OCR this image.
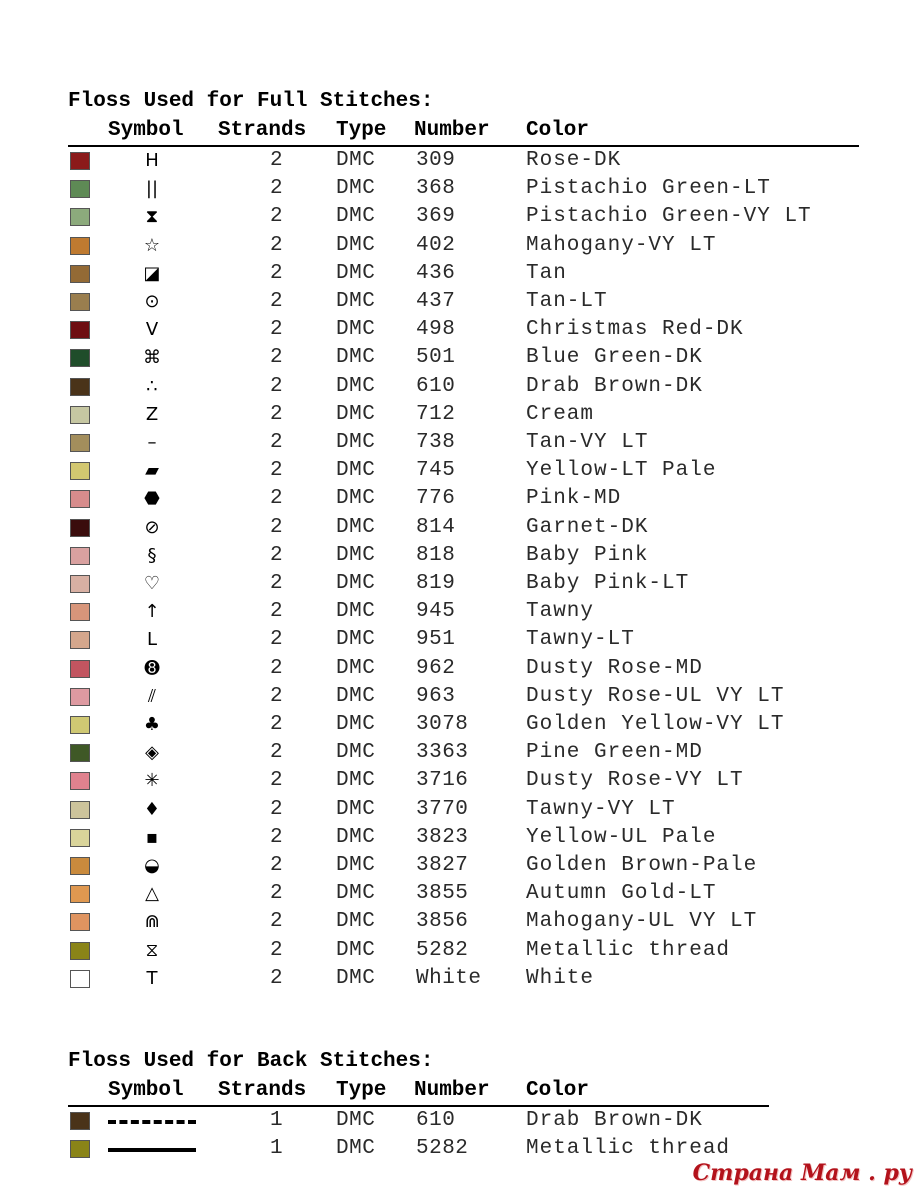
Floss Used for Full Stitches:
Symbol Strands Type Number Color
H	2	DMC 309	Rose-DK
||	2	DMC 368	Pistachio Green-LT
⧗	2	DMC 369	Pistachio Green-VY LT
☆	2	DMC 402	Mahogany-VY LT
◪	2	DMC 436	Tan
⊙	2	DMC 437	Tan-LT
V	2	DMC 498	Christmas Red-DK
⌘	2	DMC 501	Blue Green-DK
∴	2	DMC 610	Drab Brown-DK
Z	2	DMC 712	Cream
–	2	DMC 738	Tan-VY LT
▰	2	DMC 745	Yellow-LT Pale
⬣	2	DMC 776	Pink-MD
⊘	2	DMC 814	Garnet-DK
§	2	DMC 818	Baby Pink
♡	2	DMC 819	Baby Pink-LT
↑	2	DMC 945	Tawny
L	2	DMC 951	Tawny-LT
➑	2	DMC 962	Dusty Rose-MD
⫽	2	DMC 963	Dusty Rose-UL VY LT
♣	2	DMC 3078	Golden Yellow-VY LT
◈	2	DMC 3363	Pine Green-MD
✳	2	DMC 3716	Dusty Rose-VY LT
♦	2	DMC 3770	Tawny-VY LT
▪	2	DMC 3823	Yellow-UL Pale
◒	2	DMC 3827	Golden Brown-Pale
△	2	DMC 3855	Autumn Gold-LT
⋒	2	DMC 3856	Mahogany-UL VY LT
⧖	2	DMC 5282	Metallic thread
T	2	DMC White White
Floss Used for Back Stitches:
Symbol Strands Type Number Color
1	DMC 610	Drab Brown-DK
1	DMC 5282	Metallic thread
Страна Мам . ру
